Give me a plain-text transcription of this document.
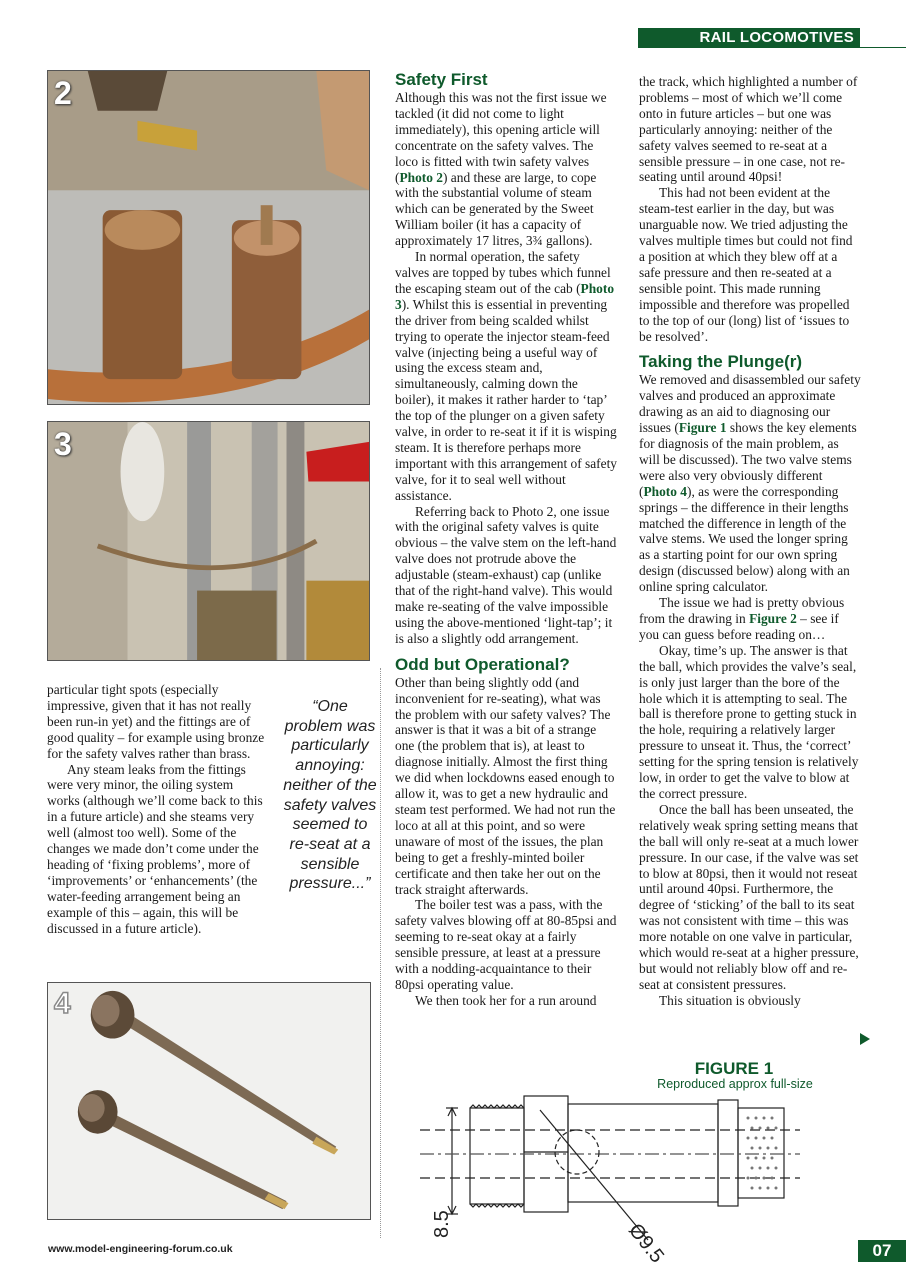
RAIL LOCOMOTIVES
2
3

particular tight spots (especially impressive, given that it has not really been run-in yet) and the fittings are of good quality – for example using bronze for the safety valves rather than brass.

Any steam leaks from the fittings were very minor, the oiling system works (although we’ll come back to this in a future article) and she steams very well (almost too well). Some of the changes we made don’t come under the heading of ‘fixing problems’, more of ‘improvements’ or ‘enhancements’ (the water-feeding arrangement being an example of this – again, this will be discussed in a future article).

“One problem was particularly annoying: neither of the safety valves seemed to re-seat at a sensible pressure...”
4
Safety First

Although this was not the first issue we tackled (it did not come to light immediately), this opening article will concentrate on the safety valves. The loco is fitted with twin safety valves (Photo 2) and these are large, to cope with the substantial volume of steam which can be generated by the Sweet William boiler (it has a capacity of approximately 17 litres, 3¾ gallons).

In normal operation, the safety valves are topped by tubes which funnel the escaping steam out of the cab (Photo 3). Whilst this is essential in preventing the driver from being scalded whilst trying to operate the injector steam-feed valve (injecting being a useful way of using the excess steam and, simultaneously, calming down the boiler), it makes it rather harder to ‘tap’ the top of the plunger on a given safety valve, in order to re-seat it if it is wisping steam. It is therefore perhaps more important with this arrangement of safety valve, for it to seal well without assistance.

Referring back to Photo 2, one issue with the original safety valves is quite obvious – the valve stem on the left-hand valve does not protrude above the adjustable (steam-exhaust) cap (unlike that of the right-hand valve). This would make re-seating of the valve impossible using the above-mentioned ‘light-tap’; it is also a slightly odd arrangement.

Odd but Operational?

Other than being slightly odd (and inconvenient for re-seating), what was the problem with our safety valves? The answer is that it was a bit of a strange one (the problem that is), at least to diagnose initially. Almost the first thing we did when lockdowns eased enough to allow it, was to get a new hydraulic and steam test performed. We had not run the loco at all at this point, and so were unaware of most of the issues, the plan being to get a freshly-minted boiler certificate and then take her out on the track straight afterwards.

The boiler test was a pass, with the safety valves blowing off at 80-85psi and seeming to re-seat okay at a fairly sensible pressure, at least at a pressure with a nodding-acquaintance to their 80psi operating value.

We then took her for a run around

the track, which highlighted a number of problems – most of which we’ll come onto in future articles – but one was particularly annoying: neither of the safety valves seemed to re-seat at a sensible pressure – in one case, not re-seating until around 40psi!

This had not been evident at the steam-test earlier in the day, but was unarguable now. We tried adjusting the valves multiple times but could not find a position at which they blew off at a safe pressure and then re-seated at a sensible point. This made running impossible and therefore was propelled to the top of our (long) list of ‘issues to be resolved’.

Taking the Plunge(r)

We removed and disassembled our safety valves and produced an approximate drawing as an aid to diagnosing our issues (Figure 1 shows the key elements for diagnosis of the main problem, as will be discussed). The two valve stems were also very obviously different (Photo 4), as were the corresponding springs – the difference in their lengths matched the difference in length of the valve stems. We used the longer spring as a starting point for our own spring design (discussed below) along with an online spring calculator.

The issue we had is pretty obvious from the drawing in Figure 2 – see if you can guess before reading on…

Okay, time’s up. The answer is that the ball, which provides the valve’s seal, is only just larger than the bore of the hole which it is attempting to seal. The ball is therefore prone to getting stuck in the hole, requiring a relatively larger pressure to unseat it. Thus, the ‘correct’ setting for the spring tension is relatively low, in order to get the valve to blow at the correct pressure.

Once the ball has been unseated, the relatively weak spring setting means that the ball will only re-seat at a much lower pressure. In our case, if the valve was set to blow at 80psi, then it would not reseat until around 40psi. Furthermore, the degree of ‘sticking’ of the ball to its seat was not consistent with time – this was more notable on one valve in particular, which would re-seat at a higher pressure, but would not reliably blow off and re-seat at consistent pressures.

This situation is obviously

FIGURE 1
Reproduced approx full-size
8.5	Ø9.5
www.model-engineering-forum.co.uk	07
